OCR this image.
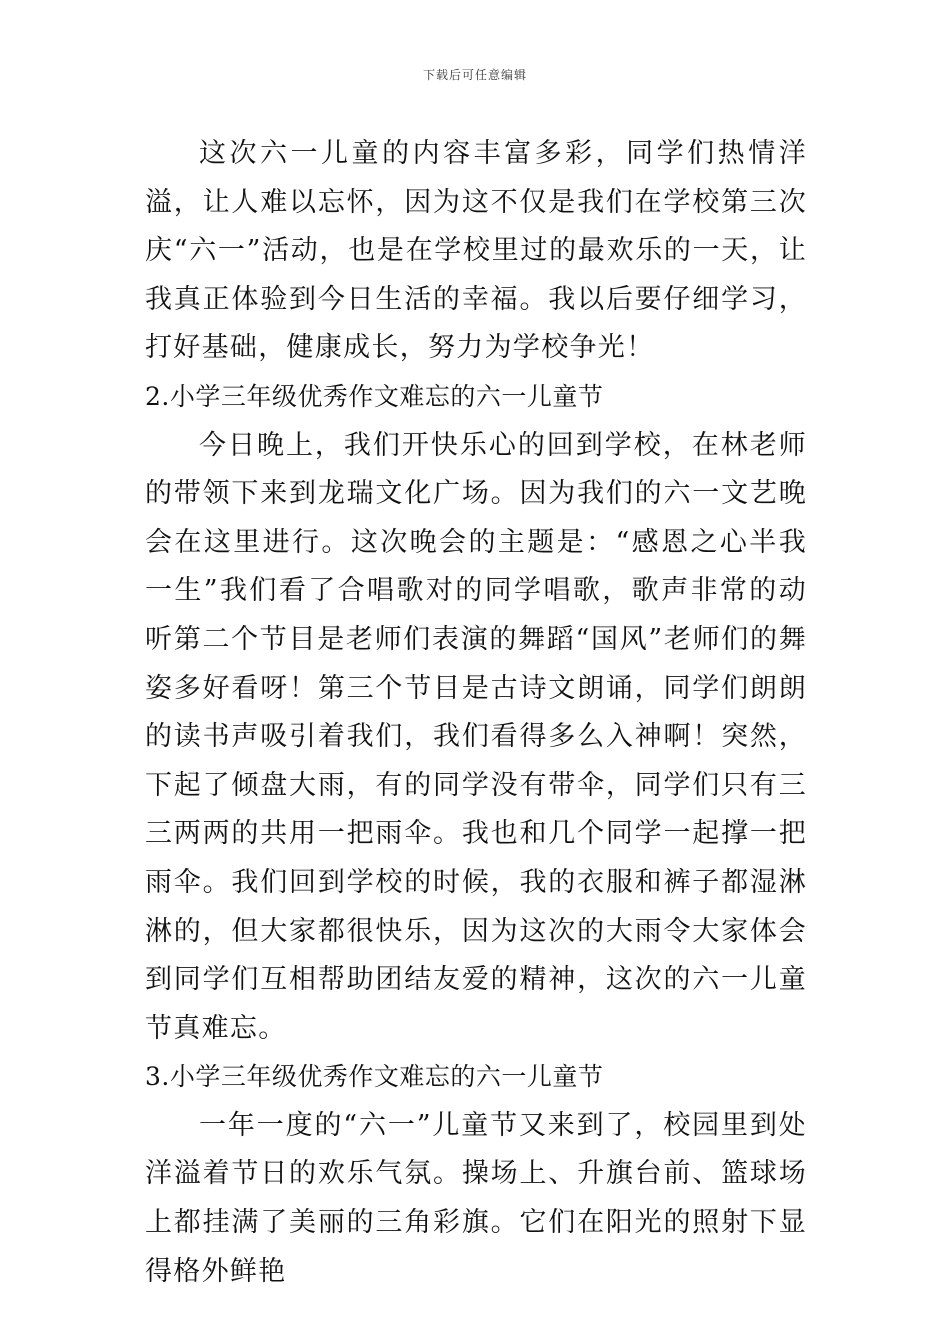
下载后可任意编辑

这次六一儿童的内容丰富多彩，同学们热情洋溢，让人难以忘怀，因为这不仅是我们在学校第三次庆“六一”活动，也是在学校里过的最欢乐的一天，让我真正体验到今日生活的幸福。我以后要仔细学习，打好基础，健康成长，努力为学校争光！

2.小学三年级优秀作文难忘的六一儿童节

今日晚上，我们开快乐心的回到学校，在林老师的带领下来到龙瑞文化广场。因为我们的六一文艺晚会在这里进行。这次晚会的主题是：“感恩之心半我一生”我们看了合唱歌对的同学唱歌，歌声非常的动听第二个节目是老师们表演的舞蹈“国风”老师们的舞姿多好看呀！第三个节目是古诗文朗诵，同学们朗朗的读书声吸引着我们，我们看得多么入神啊！突然，下起了倾盘大雨，有的同学没有带伞，同学们只有三三两两的共用一把雨伞。我也和几个同学一起撑一把雨伞。我们回到学校的时候，我的衣服和裤子都湿淋淋的，但大家都很快乐，因为这次的大雨令大家体会到同学们互相帮助团结友爱的精神，这次的六一儿童节真难忘。

3.小学三年级优秀作文难忘的六一儿童节

一年一度的“六一”儿童节又来到了，校园里到处洋溢着节日的欢乐气氛。操场上、升旗台前、篮球场上都挂满了美丽的三角彩旗。它们在阳光的照射下显得格外鲜艳
